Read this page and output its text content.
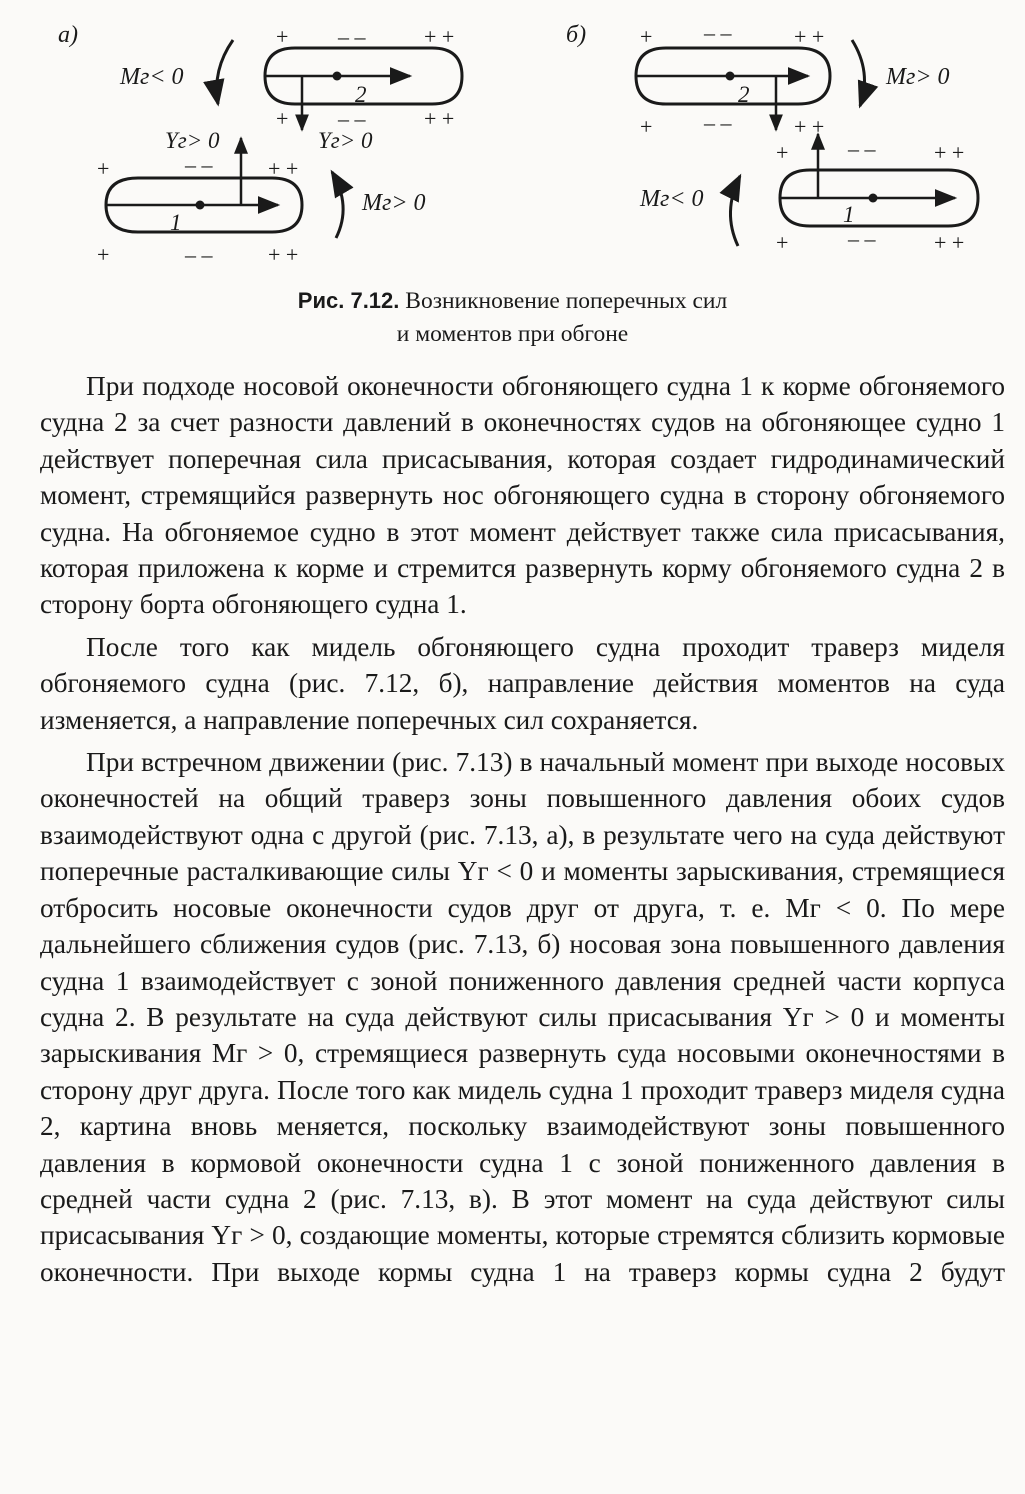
а)
2
+ – –	+ +
+ – –	+ +
Mг< 0
Yг> 0	Yг> 0
1
+	– –	+ +
+	– –	+ +
Mг> 0
б)
2
+ – –	+ +
+ – –	+ +
Mг> 0
1
+	– –	+ +
+	– –	+ +
Mг< 0
Рис. 7.12. Возникновение поперечных сил
и моментов при обгоне

При подходе носовой оконечности обгоняющего судна 1 к корме обгоняемого судна 2 за счет разности давлений в оконечностях судов на обгоняющее судно 1 действует поперечная сила присасывания, которая создает гидродинамический момент, стремящийся развернуть нос обгоняющего судна в сторону обгоняемого судна. На обгоняемое судно в этот момент действует также сила присасывания, которая приложена к корме и стремится развернуть корму обгоняемого судна 2 в сторону борта обгоняющего судна 1.

После того как мидель обгоняющего судна проходит траверз миделя обгоняемого судна (рис. 7.12, б), направление действия моментов на суда изменяется, а направление поперечных сил сохраняется.

При встречном движении (рис. 7.13) в начальный момент при выходе носовых оконечностей на общий траверз зоны повышенного давления обоих судов взаимодействуют одна с другой (рис. 7.13, а), в результате чего на суда действуют поперечные расталкивающие силы Yг < 0 и моменты зарыскивания, стремящиеся отбросить носовые оконечности судов друг от друга, т. е. Mг < 0. По мере дальнейшего сближения судов (рис. 7.13, б) носовая зона повышенного давления судна 1 взаимодействует с зоной пониженного давления средней части корпуса судна 2. В результате на суда действуют силы присасывания Yг > 0 и моменты зарыскивания Mг > 0, стремящиеся развернуть суда носовыми оконечностями в сторону друг друга. После того как мидель судна 1 проходит траверз миделя судна 2, картина вновь меняется, поскольку взаимодействуют зоны повышенного давления в кормовой оконечности судна 1 с зоной пониженного давления в средней части судна 2 (рис. 7.13, в). В этот момент на суда действуют силы присасывания Yг > 0, создающие моменты, которые стремятся сблизить кормовые оконечности. При выходе кормы судна 1 на траверз кормы судна 2 будут
